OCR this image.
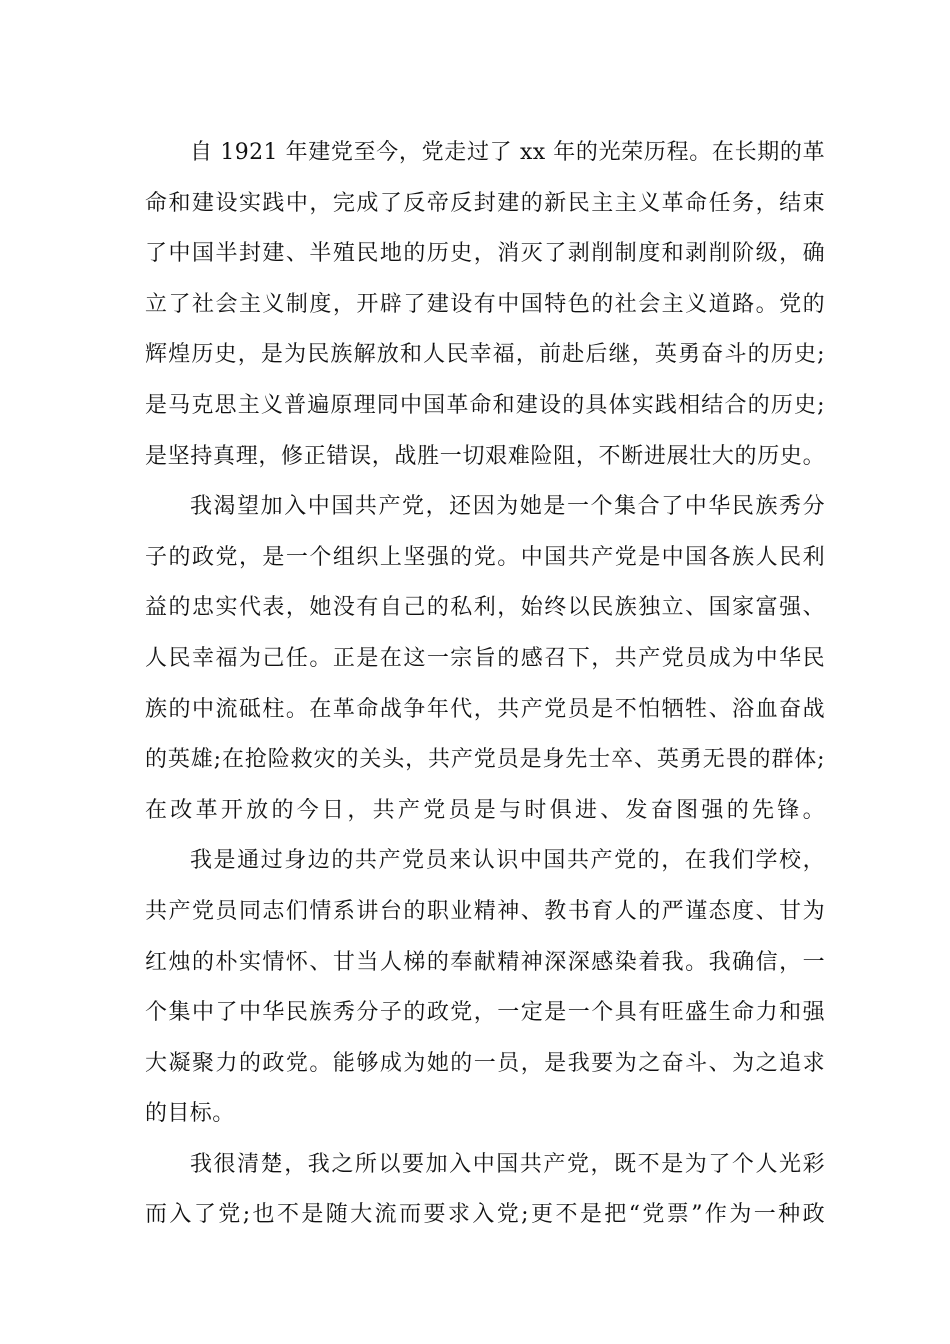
自 1921 年建党至今，党走过了 xx 年的光荣历程。在长期的革
命和建设实践中，完成了反帝反封建的新民主主义革命任务，结束
了中国半封建、半殖民地的历史，消灭了剥削制度和剥削阶级，确
立了社会主义制度，开辟了建设有中国特色的社会主义道路。党的
辉煌历史，是为民族解放和人民幸福，前赴后继，英勇奋斗的历史;
是马克思主义普遍原理同中国革命和建设的具体实践相结合的历史;
是坚持真理，修正错误，战胜一切艰难险阻，不断进展壮大的历史。
我渴望加入中国共产党，还因为她是一个集合了中华民族秀分
子的政党，是一个组织上坚强的党。中国共产党是中国各族人民利
益的忠实代表，她没有自己的私利，始终以民族独立、国家富强、
人民幸福为己任。正是在这一宗旨的感召下，共产党员成为中华民
族的中流砥柱。在革命战争年代，共产党员是不怕牺牲、浴血奋战
的英雄;在抢险救灾的关头，共产党员是身先士卒、英勇无畏的群体;
在改革开放的今日，共产党员是与时俱进、发奋图强的先锋。
我是通过身边的共产党员来认识中国共产党的，在我们学校，
共产党员同志们情系讲台的职业精神、教书育人的严谨态度、甘为
红烛的朴实情怀、甘当人梯的奉献精神深深感染着我。我确信，一
个集中了中华民族秀分子的政党，一定是一个具有旺盛生命力和强
大凝聚力的政党。能够成为她的一员，是我要为之奋斗、为之追求
的目标。
我很清楚，我之所以要加入中国共产党，既不是为了个人光彩
而入了党;也不是随大流而要求入党;更不是把“党票”作为一种政
